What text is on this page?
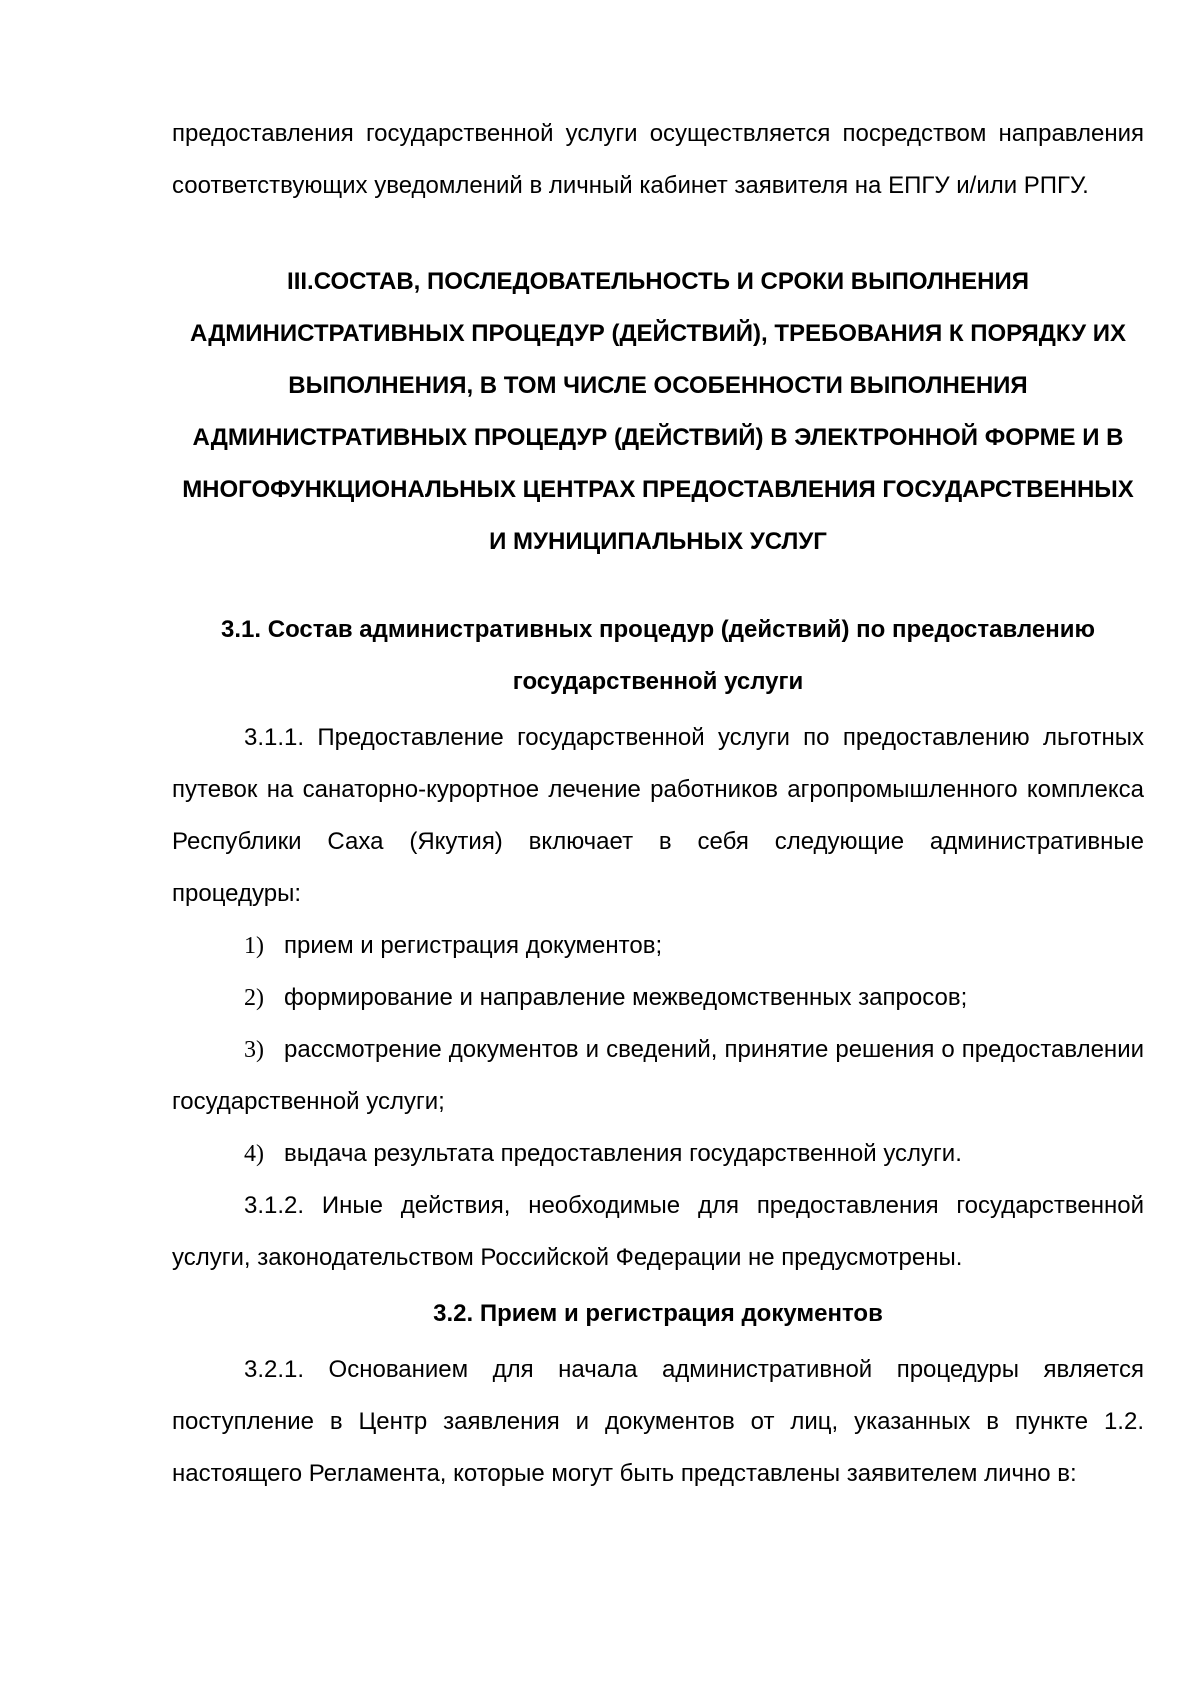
предоставления государственной услуги осуществляется посредством направления соответствующих уведомлений в личный кабинет заявителя на ЕПГУ и/или РПГУ.

III.СОСТАВ, ПОСЛЕДОВАТЕЛЬНОСТЬ И СРОКИ ВЫПОЛНЕНИЯ АДМИНИСТРАТИВНЫХ ПРОЦЕДУР (ДЕЙСТВИЙ), ТРЕБОВАНИЯ К ПОРЯДКУ ИХ ВЫПОЛНЕНИЯ, В ТОМ ЧИСЛЕ ОСОБЕННОСТИ ВЫПОЛНЕНИЯ АДМИНИСТРАТИВНЫХ ПРОЦЕДУР (ДЕЙСТВИЙ) В ЭЛЕКТРОННОЙ ФОРМЕ И В МНОГОФУНКЦИОНАЛЬНЫХ ЦЕНТРАХ ПРЕДОСТАВЛЕНИЯ ГОСУДАРСТВЕННЫХ И МУНИЦИПАЛЬНЫХ УСЛУГ

3.1. Состав административных процедур (действий) по предоставлению государственной услуги

3.1.1. Предоставление государственной услуги по предоставлению льготных путевок на санаторно-курортное лечение работников агропромышленного комплекса Республики Саха (Якутия) включает в себя следующие административные процедуры:

1) прием и регистрация документов;

2) формирование и направление межведомственных запросов;

3) рассмотрение документов и сведений, принятие решения о предоставлении государственной услуги;

4) выдача результата предоставления государственной услуги.

3.1.2. Иные действия, необходимые для предоставления государственной услуги, законодательством Российской Федерации не предусмотрены.

3.2. Прием и регистрация документов

3.2.1. Основанием для начала административной процедуры является поступление в Центр заявления и документов от лиц, указанных в пункте 1.2. настоящего Регламента, которые могут быть представлены заявителем лично в:
